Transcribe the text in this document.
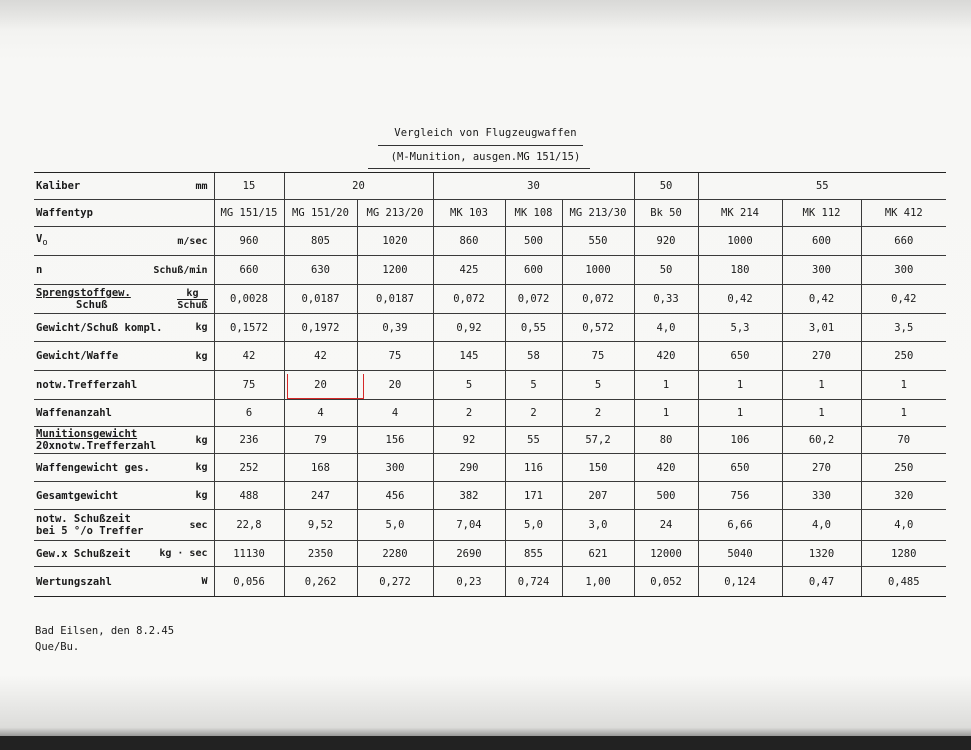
Vergleich von Flugzeugwaffen
(M-Munition, ausgen.MG 151/15)
Kaliber mm	15	20		30			50	55		
Waffentyp	MG 151/15	MG 151/20	MG 213/20	MK 103	MK 108	MG 213/30	Bk 50	MK 214	MK 112	MK 412

$V_o$ m/sec	960	805	1020	860	500	550	920	1000	600	660

n Schuß/min	660	630	1200	425	600	1000	50	180	300	300

Sprengstoffgew.
Schuß $\frac{kg}{\text{Schuß}}$	0,0028	0,0187	0,0187	0,072	0,072	0,072	0,33	0,42	0,42	0,42

Gewicht/Schuß kompl. kg	0,1572	0,1972	0,39	0,92	0,55	0,572	4,0	5,3	3,01	3,5

Gewicht/Waffe kg	42	42	75	145	58	75	420	650	270	250

notw.Trefferzahl	75	20	20	5	5	5	1	1	1	1

Waffenanzahl	6	4	4	2	2	2	1	1	1	1

Munitionsgewicht
20xnotw.Trefferzahl kg	236	79	156	92	55	57,2	80	106	60,2	70

Waffengewicht ges. kg	252	168	300	290	116	150	420	650	270	250

Gesamtgewicht kg	488	247	456	382	171	207	500	756	330	320

notw. Schußzeit
bei 5 °/o Treffer sec	22,8	9,52	5,0	7,04	5,0	3,0	24	6,66	4,0	4,0

Gew.x Schußzeit kg · sec	11130	2350	2280	2690	855	621	12000	5040	1320	1280

Wertungszahl W	0,056	0,262	0,272	0,23	0,724	1,00	0,052	0,124	0,47	0,485
Bad Eilsen, den 8.2.45
Que/Bu.
